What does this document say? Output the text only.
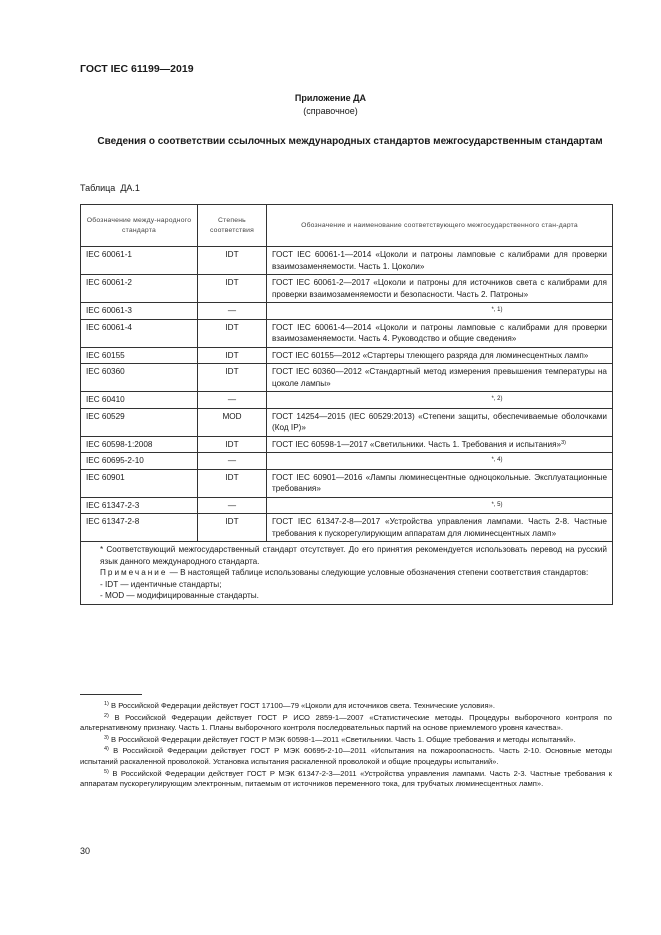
ГОСТ IEC 61199—2019
Приложение ДА
(справочное)
Сведения о соответствии ссылочных международных стандартов межгосударственным стандартам
Таблица ДА.1
Обозначение между-народного стандарта	Степень соответствия	Обозначение и наименование соответствующего межгосударственного стан-дарта
IEC 60061-1	IDT	ГОСТ IEC 60061-1—2014 «Цоколи и патроны ламповые с калибрами для проверки взаимозаменяемости. Часть 1. Цоколи»
IEC 60061-2	IDT	ГОСТ IEC 60061-2—2017 «Цоколи и патроны для источников света с калибрами для проверки взаимозаменяемости и безопасности. Часть 2. Патроны»
IEC 60061-3	—	*, 1)
IEC 60061-4	IDT	ГОСТ IEC 60061-4—2014 «Цоколи и патроны ламповые с калибрами для проверки взаимозаменяемости. Часть 4. Руководство и общие сведения»
IEC 60155	IDT	ГОСТ IEC 60155—2012 «Стартеры тлеющего разряда для люминесцентных ламп»
IEC 60360	IDT	ГОСТ IEC 60360—2012 «Стандартный метод измерения превышения температуры на цоколе лампы»
IEC 60410	—	*, 2)
IEC 60529	MOD	ГОСТ 14254—2015 (IEC 60529:2013) «Степени защиты, обеспечиваемые оболочками (Код IP)»
IEC 60598-1:2008	IDT	ГОСТ IEC 60598-1—2017 «Светильники. Часть 1. Требования и испытания»$^{3)}$
IEC 60695-2-10	—	*, 4)
IEC 60901	IDT	ГОСТ IEC 60901—2016 «Лампы люминесцентные одноцокольные. Эксплуатационные требования»
IEC 61347-2-3	—	*, 5)
IEC 61347-2-8	IDT	ГОСТ IEC 61347-2-8—2017 «Устройства управления лампами. Часть 2-8. Частные требования к пускорегулирующим аппаратам для люминесцентных ламп»

* Соответствующий межгосударственный стандарт отсутствует. До его принятия рекомендуется использовать перевод на русский язык данного международного стандарта.

Примечание — В настоящей таблице использованы следующие условные обозначения степени соответствия стандартов:

- IDT — идентичные стандарты;

- MOD — модифицированные стандарты.		

$^{1)}$ В Российской Федерации действует ГОСТ 17100—79 «Цоколи для источников света. Технические условия».

$^{2)}$ В Российской Федерации действует ГОСТ Р ИСО 2859-1—2007 «Статистические методы. Процедуры выборочного контроля по альтернативному признаку. Часть 1. Планы выборочного контроля последовательных партий на основе приемлемого уровня качества».

$^{3)}$ В Российской Федерации действует ГОСТ Р МЭК 60598-1—2011 «Светильники. Часть 1. Общие требования и методы испытаний».

$^{4)}$ В Российской Федерации действует ГОСТ Р МЭК 60695-2-10—2011 «Испытания на пожароопасность. Часть 2-10. Основные методы испытаний раскаленной проволокой. Установка испытания раскаленной проволокой и общие процедуры испытаний».

$^{5)}$ В Российской Федерации действует ГОСТ Р МЭК 61347-2-3—2011 «Устройства управления лампами. Часть 2-3. Частные требования к аппаратам пускорегулирующим электронным, питаемым от источников переменного тока, для трубчатых люминесцентных ламп».

30
